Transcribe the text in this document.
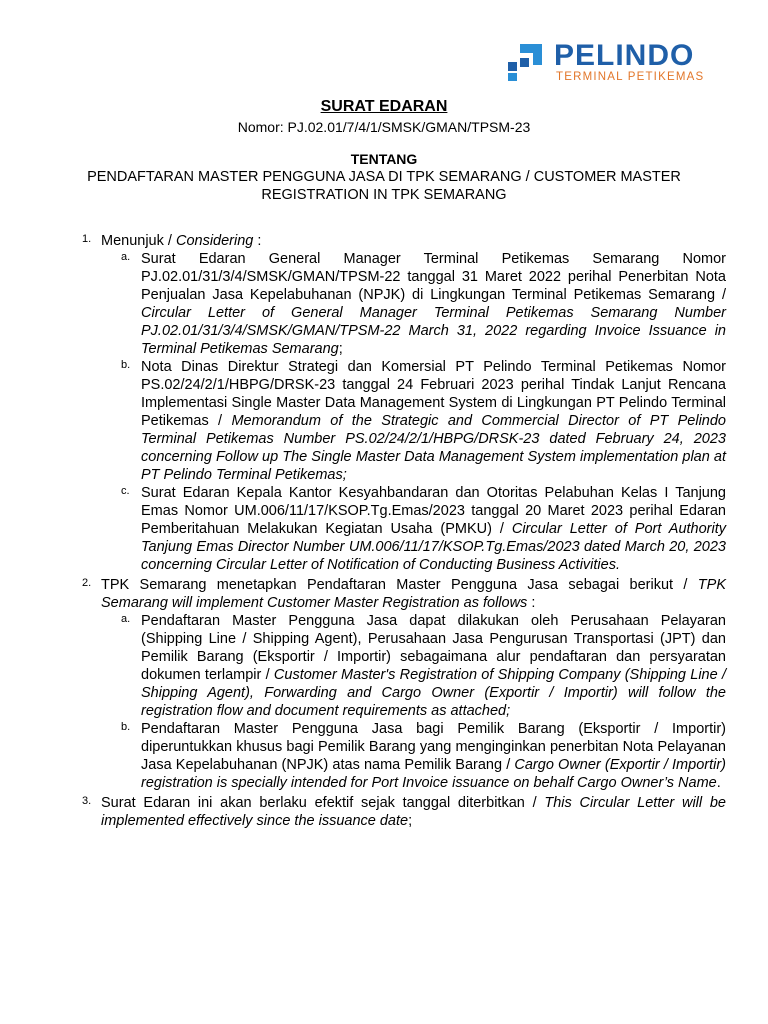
PELINDO
TERMINAL PETIKEMAS
SURAT EDARAN
Nomor: PJ.02.01/7/4/1/SMSK/GMAN/TPSM-23
TENTANG
PENDAFTARAN MASTER PENGGUNA JASA DI TPK SEMARANG / CUSTOMER MASTER REGISTRATION IN TPK SEMARANG
1. Menunjuk / Considering :
a. Surat Edaran General Manager Terminal Petikemas Semarang Nomor PJ.02.01/31/3/4/SMSK/GMAN/TPSM-22 tanggal 31 Maret 2022 perihal Penerbitan Nota Penjualan Jasa Kepelabuhanan (NPJK) di Lingkungan Terminal Petikemas Semarang / Circular Letter of General Manager Terminal Petikemas Semarang Number PJ.02.01/31/3/4/SMSK/GMAN/TPSM-22 March 31, 2022 regarding Invoice Issuance in Terminal Petikemas Semarang;
b. Nota Dinas Direktur Strategi dan Komersial PT Pelindo Terminal Petikemas Nomor PS.02/24/2/1/HBPG/DRSK-23 tanggal 24 Februari 2023 perihal Tindak Lanjut Rencana Implementasi Single Master Data Management System di Lingkungan PT Pelindo Terminal Petikemas / Memorandum of the Strategic and Commercial Director of PT Pelindo Terminal Petikemas Number PS.02/24/2/1/HBPG/DRSK-23 dated February 24, 2023 concerning Follow up The Single Master Data Management System implementation plan at PT Pelindo Terminal Petikemas;
c. Surat Edaran Kepala Kantor Kesyahbandaran dan Otoritas Pelabuhan Kelas I Tanjung Emas Nomor UM.006/11/17/KSOP.Tg.Emas/2023 tanggal 20 Maret 2023 perihal Edaran Pemberitahuan Melakukan Kegiatan Usaha (PMKU) / Circular Letter of Port Authority Tanjung Emas Director Number UM.006/11/17/KSOP.Tg.Emas/2023 dated March 20, 2023 concerning Circular Letter of Notification of Conducting Business Activities.
2. TPK Semarang menetapkan Pendaftaran Master Pengguna Jasa sebagai berikut / TPK Semarang will implement Customer Master Registration as follows :
a. Pendaftaran Master Pengguna Jasa dapat dilakukan oleh Perusahaan Pelayaran (Shipping Line / Shipping Agent), Perusahaan Jasa Pengurusan Transportasi (JPT) dan Pemilik Barang (Eksportir / Importir) sebagaimana alur pendaftaran dan persyaratan dokumen terlampir / Customer Master's Registration of Shipping Company (Shipping Line / Shipping Agent), Forwarding and Cargo Owner (Exportir / Importir) will follow the registration flow and document requirements as attached;
b. Pendaftaran Master Pengguna Jasa bagi Pemilik Barang (Eksportir / Importir) diperuntukkan khusus bagi Pemilik Barang yang menginginkan penerbitan Nota Pelayanan Jasa Kepelabuhanan (NPJK) atas nama Pemilik Barang / Cargo Owner (Exportir / Importir) registration is specially intended for Port Invoice issuance on behalf Cargo Owner’s Name.
3. Surat Edaran ini akan berlaku efektif sejak tanggal diterbitkan / This Circular Letter will be implemented effectively since the issuance date;
